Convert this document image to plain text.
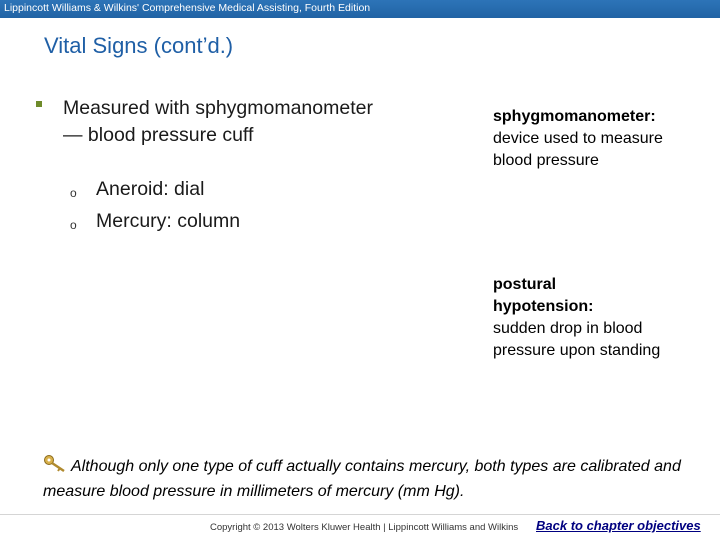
Lippincott Williams & Wilkins' Comprehensive Medical Assisting, Fourth Edition
Vital Signs (cont’d.)
Measured with sphygmomanometer — blood pressure cuff
o Aneroid: dial
o Mercury: column
sphygmomanometer:
device used to measure blood pressure
postural hypotension:
sudden drop in blood pressure upon standing
Although only one type of cuff actually contains mercury, both types are calibrated and measure blood pressure in millimeters of mercury (mm Hg).
Copyright © 2013 Wolters Kluwer Health | Lippincott Williams and Wilkins Back to chapter objectives
